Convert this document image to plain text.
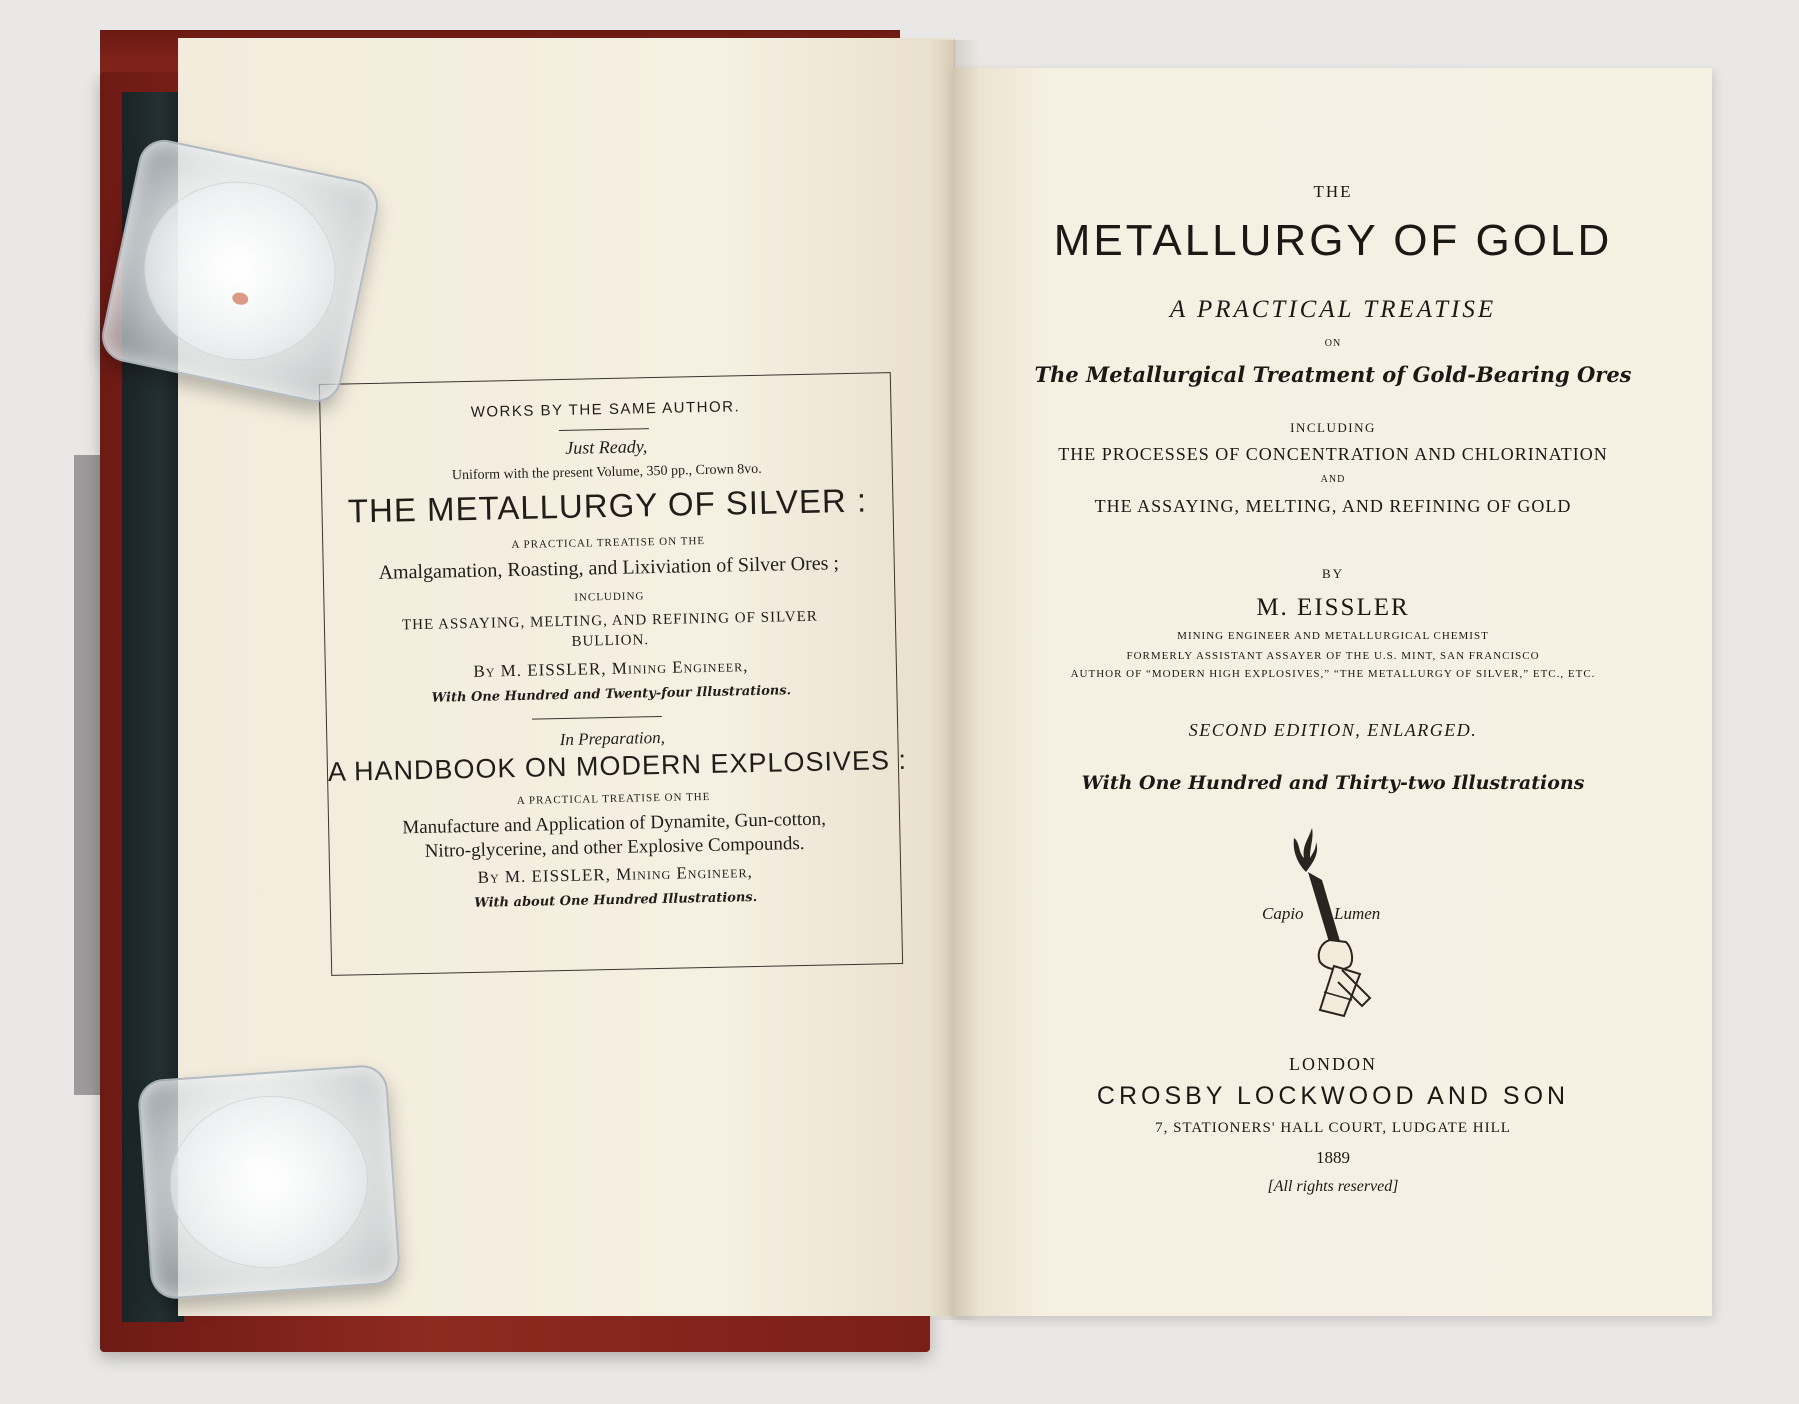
WORKS BY THE SAME AUTHOR.
Just Ready,
Uniform with the present Volume, 350 pp., Crown 8vo.
THE METALLURGY OF SILVER :
A PRACTICAL TREATISE ON THE
Amalgamation, Roasting, and Lixiviation of Silver Ores ;
INCLUDING
THE ASSAYING, MELTING, AND REFINING OF SILVER
BULLION.
By M. EISSLER, Mining Engineer,
With One Hundred and Twenty-four Illustrations.
In Preparation,
A HANDBOOK ON MODERN EXPLOSIVES :
A PRACTICAL TREATISE ON THE
Manufacture and Application of Dynamite, Gun-cotton,
Nitro-glycerine, and other Explosive Compounds.
By M. EISSLER, Mining Engineer,
With about One Hundred Illustrations.
THE
METALLURGY OF GOLD
A PRACTICAL TREATISE
ON
The Metallurgical Treatment of Gold-Bearing Ores
INCLUDING
THE PROCESSES OF CONCENTRATION AND CHLORINATION
AND
THE ASSAYING, MELTING, AND REFINING OF GOLD
BY
M. EISSLER
MINING ENGINEER AND METALLURGICAL CHEMIST
FORMERLY ASSISTANT ASSAYER OF THE U.S. MINT, SAN FRANCISCO
AUTHOR OF “MODERN HIGH EXPLOSIVES,” “THE METALLURGY OF SILVER,” ETC., ETC.
SECOND EDITION, ENLARGED.
With One Hundred and Thirty-two Illustrations
Capio Lumen
LONDON
CROSBY LOCKWOOD AND SON
7, STATIONERS' HALL COURT, LUDGATE HILL
1889
[All rights reserved]
